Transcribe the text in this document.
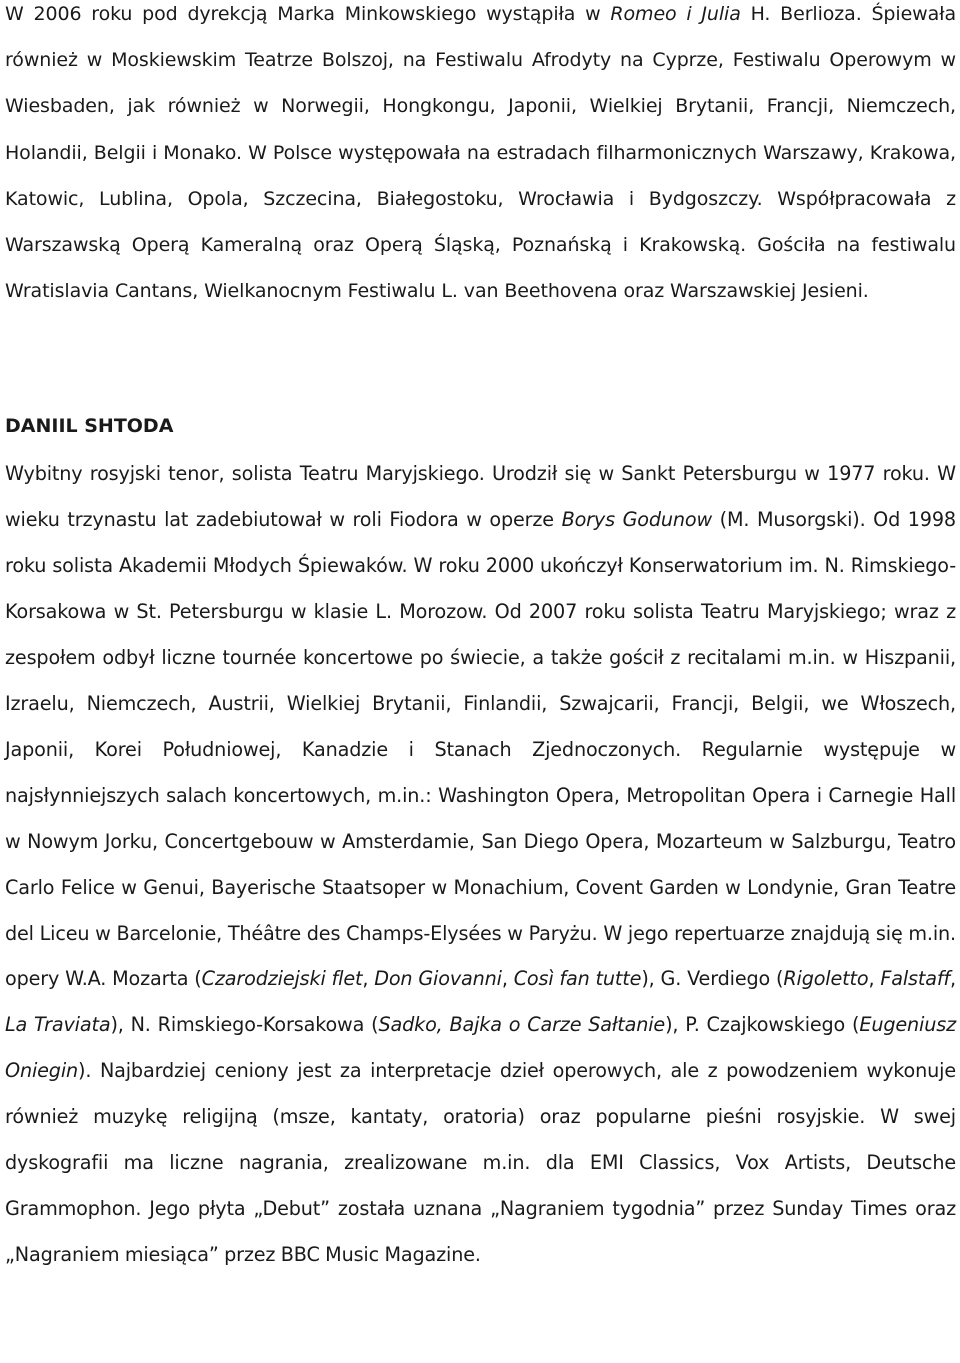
W 2006 roku pod dyrekcją Marka Minkowskiego wystąpiła w Romeo i Julia H. Berlioza. Śpiewała również w Moskiewskim Teatrze Bolszoj, na Festiwalu Afrodyty na Cyprze, Festiwalu Operowym w Wiesbaden, jak również w Norwegii, Hongkongu, Japonii, Wielkiej Brytanii, Francji, Niemczech, Holandii, Belgii i Monako. W Polsce występowała na estradach filharmonicznych Warszawy, Krakowa, Katowic, Lublina, Opola, Szczecina, Białegostoku, Wrocławia i Bydgoszczy. Współpracowała z Warszawską Operą Kameralną oraz Operą Śląską, Poznańską i Krakowską. Gościła na festiwalu Wratislavia Cantans, Wielkanocnym Festiwalu L. van Beethovena oraz Warszawskiej Jesieni.

DANIIL SHTODA

Wybitny rosyjski tenor, solista Teatru Maryjskiego. Urodził się w Sankt Petersburgu w 1977 roku. W wieku trzynastu lat zadebiutował w roli Fiodora w operze Borys Godunow (M. Musorgski). Od 1998 roku solista Akademii Młodych Śpiewaków. W roku 2000 ukończył Konserwatorium im. N. Rimskiego-Korsakowa w St. Petersburgu w klasie L. Morozow. Od 2007 roku solista Teatru Maryjskiego; wraz z zespołem odbył liczne tournée koncertowe po świecie, a także gościł z recitalami m.in. w Hiszpanii, Izraelu, Niemczech, Austrii, Wielkiej Brytanii, Finlandii, Szwajcarii, Francji, Belgii, we Włoszech, Japonii, Korei Południowej, Kanadzie i Stanach Zjednoczonych. Regularnie występuje w najsłynniejszych salach koncertowych, m.in.: Washington Opera, Metropolitan Opera i Carnegie Hall w Nowym Jorku, Concertgebouw w Amsterdamie, San Diego Opera, Mozarteum w Salzburgu, Teatro Carlo Felice w Genui, Bayerische Staatsoper w Monachium, Covent Garden w Londynie, Gran Teatre del Liceu w Barcelonie, Théâtre des Champs-Elysées w Paryżu. W jego repertuarze znajdują się m.in. opery W.A. Mozarta (Czarodziejski flet, Don Giovanni, Così fan tutte), G. Verdiego (Rigoletto, Falstaff, La Traviata), N. Rimskiego-Korsakowa (Sadko, Bajka o Carze Sałtanie), P. Czajkowskiego (Eugeniusz Oniegin). Najbardziej ceniony jest za interpretacje dzieł operowych, ale z powodzeniem wykonuje również muzykę religijną (msze, kantaty, oratoria) oraz popularne pieśni rosyjskie. W swej dyskografii ma liczne nagrania, zrealizowane m.in. dla EMI Classics, Vox Artists, Deutsche Grammophon. Jego płyta „Debut” została uznana „Nagraniem tygodnia” przez Sunday Times oraz „Nagraniem miesiąca” przez BBC Music Magazine.
